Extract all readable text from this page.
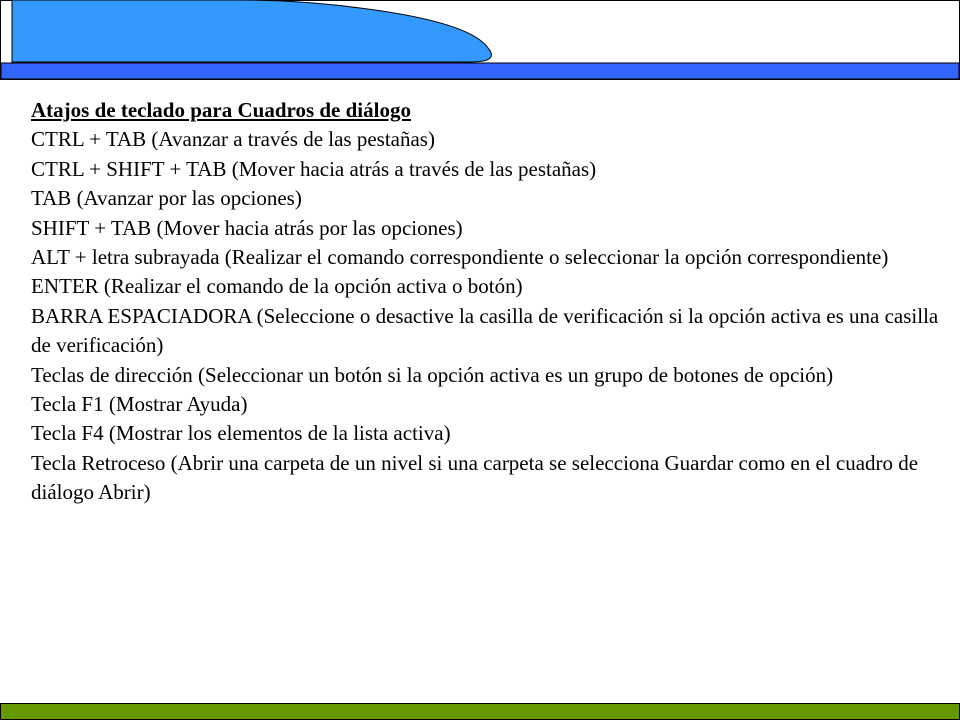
Atajos de teclado para Cuadros de diálogo

CTRL + TAB (Avanzar a través de las pestañas)

CTRL + SHIFT + TAB (Mover hacia atrás a través de las pestañas)

TAB (Avanzar por las opciones)

SHIFT + TAB (Mover hacia atrás por las opciones)

ALT + letra subrayada (Realizar el comando correspondiente o seleccionar la opción correspondiente)

ENTER (Realizar el comando de la opción activa o botón)

BARRA ESPACIADORA (Seleccione o desactive la casilla de verificación si la opción activa es una casilla de verificación)

Teclas de dirección (Seleccionar un botón si la opción activa es un grupo de botones de opción)

Tecla F1 (Mostrar Ayuda)

Tecla F4 (Mostrar los elementos de la lista activa)

Tecla Retroceso (Abrir una carpeta de un nivel si una carpeta se selecciona Guardar como en el cuadro de diálogo Abrir)
